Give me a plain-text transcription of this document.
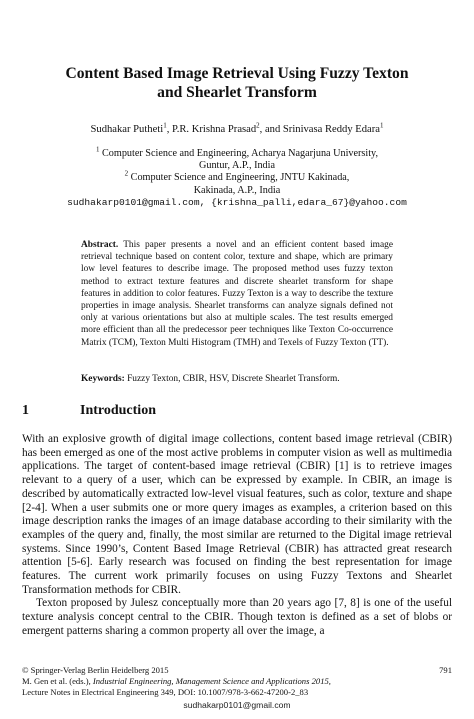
Content Based Image Retrieval Using Fuzzy Texton
and Shearlet Transform
Sudhakar Putheti$^1$, P.R. Krishna Prasad$^2$, and Srinivasa Reddy Edara$^1$
$^1$ Computer Science and Engineering, Acharya Nagarjuna University,
Guntur, A.P., India
$^2$ Computer Science and Engineering, JNTU Kakinada,
Kakinada, A.P., India
sudhakarp0101@gmail.com, {krishna_palli,edara_67}@yahoo.com
Abstract. This paper presents a novel and an efficient content based image retrieval technique based on content color, texture and shape, which are primary low level features to describe image. The proposed method uses fuzzy texton method to extract texture features and discrete shearlet transform for shape features in addition to color features. Fuzzy Texton is a way to describe the texture properties in image analysis. Shearlet transforms can analyze signals defined not only at various orientations but also at multiple scales. The test results emerged more efficient than all the predecessor peer techniques like Texton Co-occurrence Matrix (TCM), Texton Multi Histogram (TMH) and Texels of Fuzzy Texton (TT).
Keywords: Fuzzy Texton, CBIR, HSV, Discrete Shearlet Transform.
1	Introduction

With an explosive growth of digital image collections, content based image retrieval (CBIR) has been emerged as one of the most active problems in computer vision as well as multimedia applications. The target of content-based image retrieval (CBIR) [1] is to retrieve images relevant to a query of a user, which can be expressed by example. In CBIR, an image is described by automatically extracted low-level visual features, such as color, texture and shape [2-4]. When a user submits one or more query images as examples, a criterion based on this image description ranks the images of an image database according to their similarity with the examples of the query and, finally, the most similar are returned to the Digital image retrieval systems. Since 1990’s, Content Based Image Retrieval (CBIR) has attracted great research attention [5-6]. Early research was focused on finding the best representation for image features. The current work primarily focuses on using Fuzzy Textons and Shearlet Transformation methods for CBIR.

Texton proposed by Julesz conceptually more than 20 years ago [7, 8] is one of the useful texture analysis concept central to the CBIR. Though texton is defined as a set of blobs or emergent patterns sharing a common property all over the image, a

© Springer-Verlag Berlin Heidelberg 2015	791
M. Gen et al. (eds.), Industrial Engineering, Management Science and Applications 2015,
Lecture Notes in Electrical Engineering 349, DOI: 10.1007/978-3-662-47200-2_83
sudhakarp0101@gmail.com
